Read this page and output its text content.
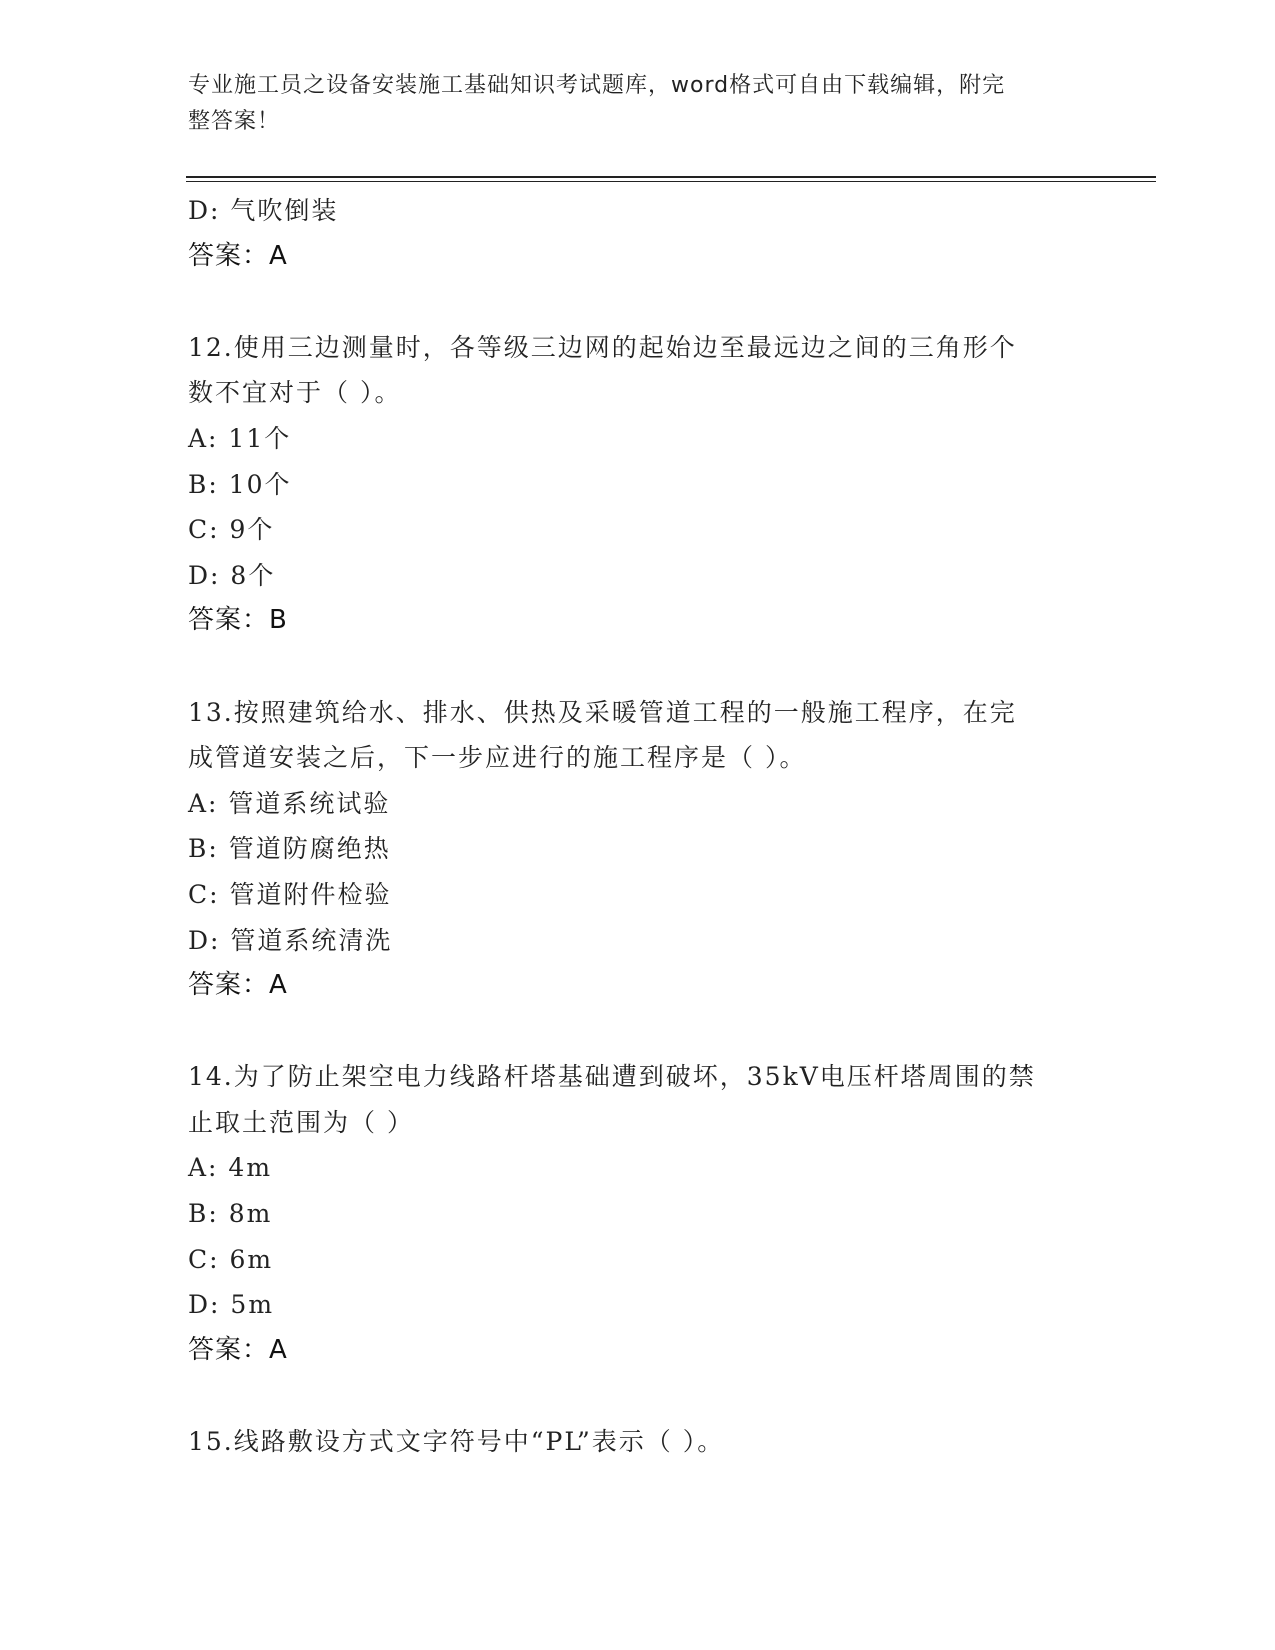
专业施工员之设备安装施工基础知识考试题库，word格式可自由下载编辑，附完
整答案！
D: 气吹倒装
答案：A
12.使用三边测量时，各等级三边网的起始边至最远边之间的三角形个
数不宜对于（ ）。
A: 11个
B: 10个
C: 9个
D: 8个
答案：B
13.按照建筑给水、排水、供热及采暖管道工程的一般施工程序，在完
成管道安装之后，下一步应进行的施工程序是（ ）。
A: 管道系统试验
B: 管道防腐绝热
C: 管道附件检验
D: 管道系统清洗
答案：A
14.为了防止架空电力线路杆塔基础遭到破坏，35kV电压杆塔周围的禁
止取土范围为（ ）
A: 4m
B: 8m
C: 6m
D: 5m
答案：A
15.线路敷设方式文字符号中“PL”表示（ ）。
